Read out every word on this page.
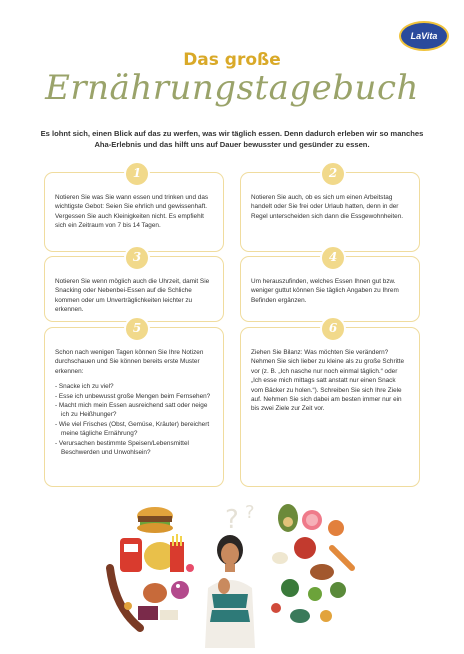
LaVita
Das große
Ernährungstagebuch
Es lohnt sich, einen Blick auf das zu werfen, was wir täglich essen. Denn dadurch erleben wir so manches Aha-Erlebnis und das hilft uns auf Dauer bewusster und gesünder zu essen.
1
Notieren Sie was Sie wann essen und trinken und das wichtigste Gebot: Seien Sie ehrlich und gewissenhaft. Vergessen Sie auch Kleinigkeiten nicht. Es empfiehlt sich ein Zeitraum von 7 bis 14 Tagen.
2
Notieren Sie auch, ob es sich um einen Arbeitstag handelt oder Sie frei oder Urlaub hatten, denn in der Regel unterscheiden sich dann die Essgewohnheiten.
3
Notieren Sie wenn möglich auch die Uhrzeit, damit Sie Snacking oder Nebenbei-Essen auf die Schliche kommen oder um Unverträglichkeiten leichter zu erkennen.
4
Um herauszufinden, welches Essen Ihnen gut bzw. weniger guttut können Sie täglich Angaben zu Ihrem Befinden ergänzen.
5
Schon nach wenigen Tagen können Sie Ihre Notizen durchschauen und Sie können bereits erste Muster erkennen:
- Snacke ich zu viel?
- Esse ich unbewusst große Mengen beim Fernsehen?
- Macht mich mein Essen ausreichend satt oder neige ich zu Heißhunger?
- Wie viel Frisches (Obst, Gemüse, Kräuter) bereichert meine tägliche Ernährung?
- Verursachen bestimmte Speisen/Lebensmittel Beschwerden und Unwohlsein?
6
Ziehen Sie Bilanz: Was möchten Sie verändern? Nehmen Sie sich lieber zu kleine als zu große Schritte vor (z. B. „Ich nasche nur noch einmal täglich.“ oder „Ich esse mich mittags satt anstatt nur einen Snack vom Bäcker zu holen.“). Schreiben Sie sich Ihre Ziele auf. Nehmen Sie sich dabei am besten immer nur ein bis zwei Ziele zur Zeit vor.
? ?
